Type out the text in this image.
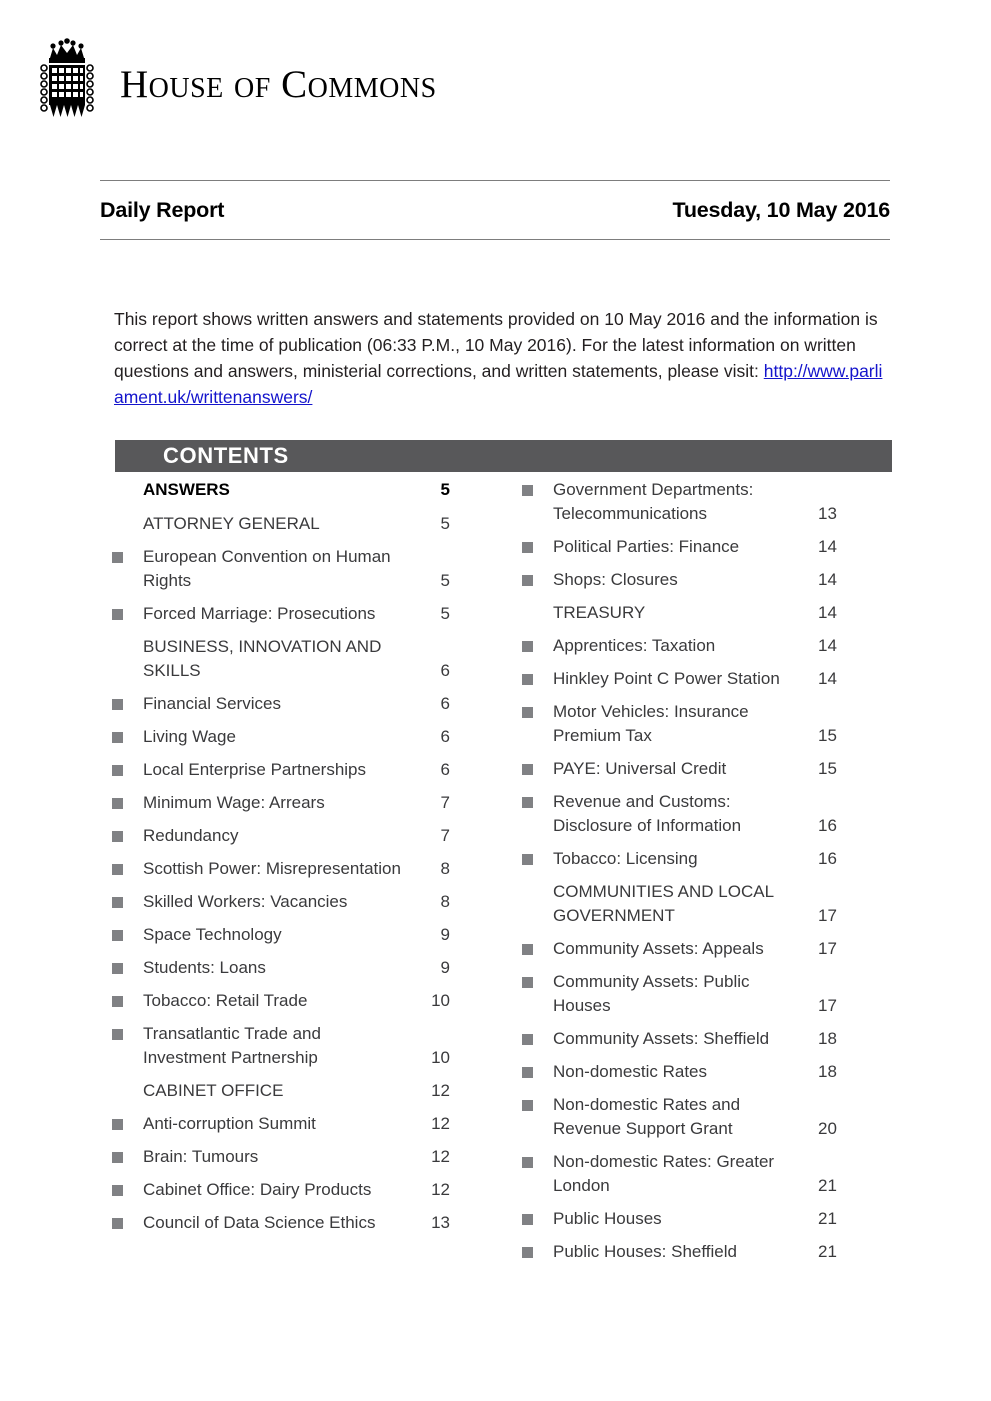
HOUSE OF COMMONS
Daily Report	Tuesday, 10 May 2016

This report shows written answers and statements provided on 10 May 2016 and the information is correct at the time of publication (06:33 P.M., 10 May 2016). For the latest information on written questions and answers, ministerial corrections, and written statements, please visit: http://www.parliament.uk/writtenanswers/

CONTENTS
ANSWERS	5
ATTORNEY GENERAL	5
European Convention on Human Rights	5
Forced Marriage: Prosecutions	5
BUSINESS, INNOVATION AND SKILLS	6
Financial Services	6
Living Wage	6
Local Enterprise Partnerships	6
Minimum Wage: Arrears	7
Redundancy	7
Scottish Power: Misrepresentation	8
Skilled Workers: Vacancies	8
Space Technology	9
Students: Loans	9
Tobacco: Retail Trade	10
Transatlantic Trade and Investment Partnership	10
CABINET OFFICE	12
Anti-corruption Summit	12
Brain: Tumours	12
Cabinet Office: Dairy Products	12
Council of Data Science Ethics	13
Government Departments: Telecommunications	13
Political Parties: Finance	14
Shops: Closures	14
TREASURY	14
Apprentices: Taxation	14
Hinkley Point C Power Station	14
Motor Vehicles: Insurance Premium Tax	15
PAYE: Universal Credit	15
Revenue and Customs: Disclosure of Information	16
Tobacco: Licensing	16
COMMUNITIES AND LOCAL GOVERNMENT	17
Community Assets: Appeals	17
Community Assets: Public Houses	17
Community Assets: Sheffield	18
Non-domestic Rates	18
Non-domestic Rates and Revenue Support Grant	20
Non-domestic Rates: Greater London	21
Public Houses	21
Public Houses: Sheffield	21
